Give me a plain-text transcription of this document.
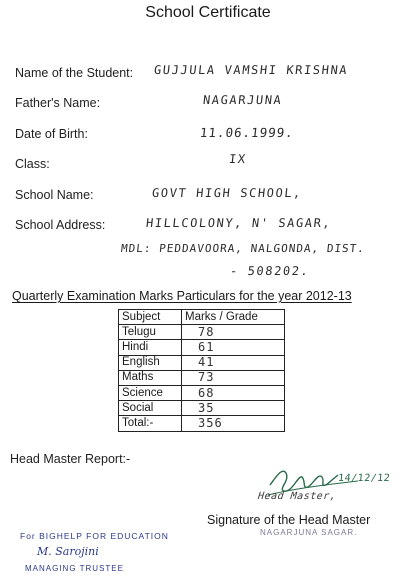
School Certificate
Name of the Student: GUJJULA VAMSHI KRISHNA
Father's Name:	NAGARJUNA
Date of Birth:	11.06.1999.
Class:	IX
School Name:	GOVT HIGH SCHOOL,
School Address:	HILLCOLONY, N' SAGAR,
MDL: PEDDAVOORA, NALGONDA, DIST.
- 508202.
Quarterly Examination Marks Particulars for the year 2012-13
Subject	Marks / Grade
Telugu	78
Hindi	61
English	41
Maths	73
Science	68
Social	35
Total:-	356
Head Master Report:-
Head Master,
14/12/12
Signature of the Head Master
NAGARJUNA SAGAR.
For BIGHELP FOR EDUCATION
M. Sarojini
MANAGING TRUSTEE
